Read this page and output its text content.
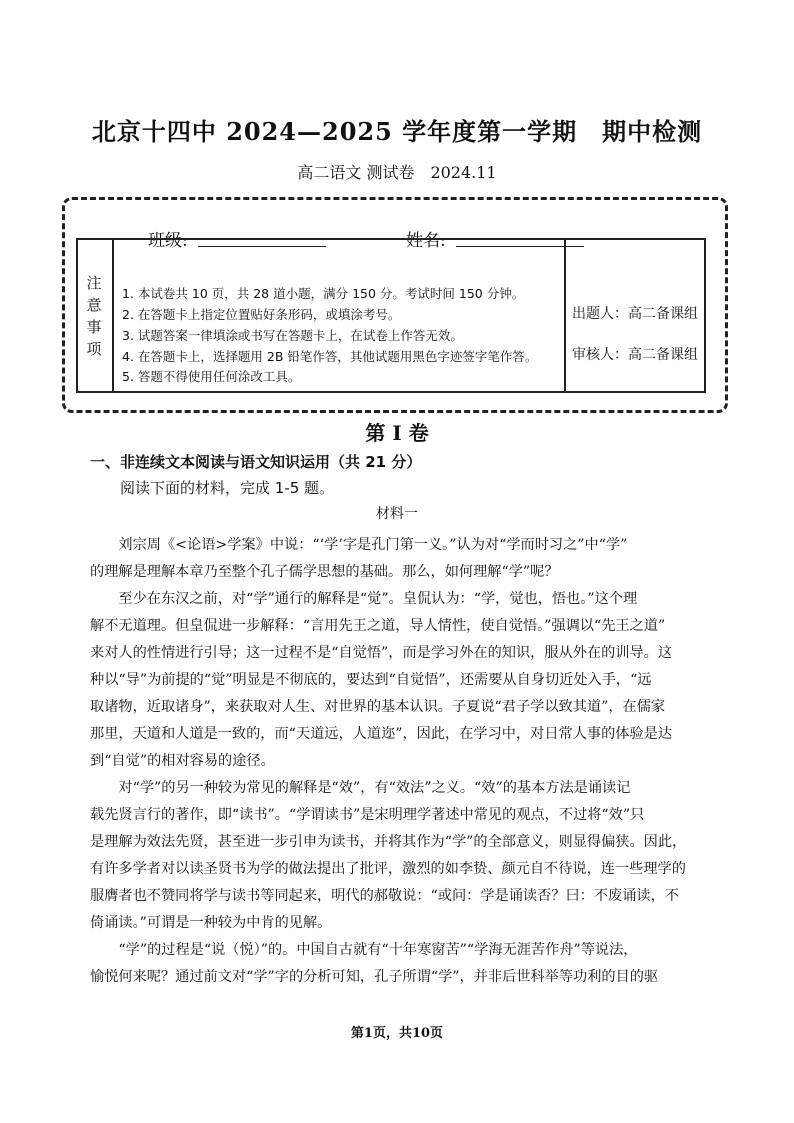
北京十四中 2024—2025 学年度第一学期　期中检测
高二语文 测试卷　2024.11
班级:	姓名:
注
意
事
项
1. 本试卷共 10 页，共 28 道小题，满分 150 分。考试时间 150 分钟。
2. 在答题卡上指定位置贴好条形码，或填涂考号。
3. 试题答案一律填涂或书写在答题卡上，在试卷上作答无效。
4. 在答题卡上，选择题用 2B 铅笔作答，其他试题用黑色字迹签字笔作答。
5. 答题不得使用任何涂改工具。
出题人：高二备课组
审核人：高二备课组
第 I 卷
一、非连续文本阅读与语文知识运用（共 21 分）
阅读下面的材料，完成 1-5 题。
材料一
　　刘宗周《<论语>学案》中说：“‘学’字是孔门第一义。”认为对“学而时习之”中“学”
的理解是理解本章乃至整个孔子儒学思想的基础。那么，如何理解“学”呢？
　　至少在东汉之前，对“学”通行的解释是“觉”。皇侃认为：“学，觉也，悟也。”这个理
解不无道理。但皇侃进一步解释：“言用先王之道，导人情性，使自觉悟。”强调以“先王之道”
来对人的性情进行引导；这一过程不是“自觉悟”，而是学习外在的知识，服从外在的训导。这
种以“导”为前提的“觉”明显是不彻底的，要达到“自觉悟”，还需要从自身切近处入手，“远
取诸物，近取诸身”，来获取对人生、对世界的基本认识。子夏说“君子学以致其道”，在儒家
那里，天道和人道是一致的，而“天道远，人道迩”，因此，在学习中，对日常人事的体验是达
到“自觉”的相对容易的途径。
　　对“学”的另一种较为常见的解释是“效”，有“效法”之义。“效”的基本方法是诵读记
载先贤言行的著作，即“读书”。“学谓读书”是宋明理学著述中常见的观点，不过将“效”只
是理解为效法先贤，甚至进一步引申为读书，并将其作为“学”的全部意义，则显得偏狭。因此，
有许多学者对以读圣贤书为学的做法提出了批评，激烈的如李贽、颜元自不待说，连一些理学的
服膺者也不赞同将学与读书等同起来，明代的郝敬说：“或问：学是诵读否？曰：不废诵读，不
倚诵读。”可谓是一种较为中肯的见解。
　　“学”的过程是“说（悦）”的。中国自古就有“十年寒窗苦”“学海无涯苦作舟”等说法，
愉悦何来呢？通过前文对“学”字的分析可知，孔子所谓“学”，并非后世科举等功利的目的驱
第1页，共10页
